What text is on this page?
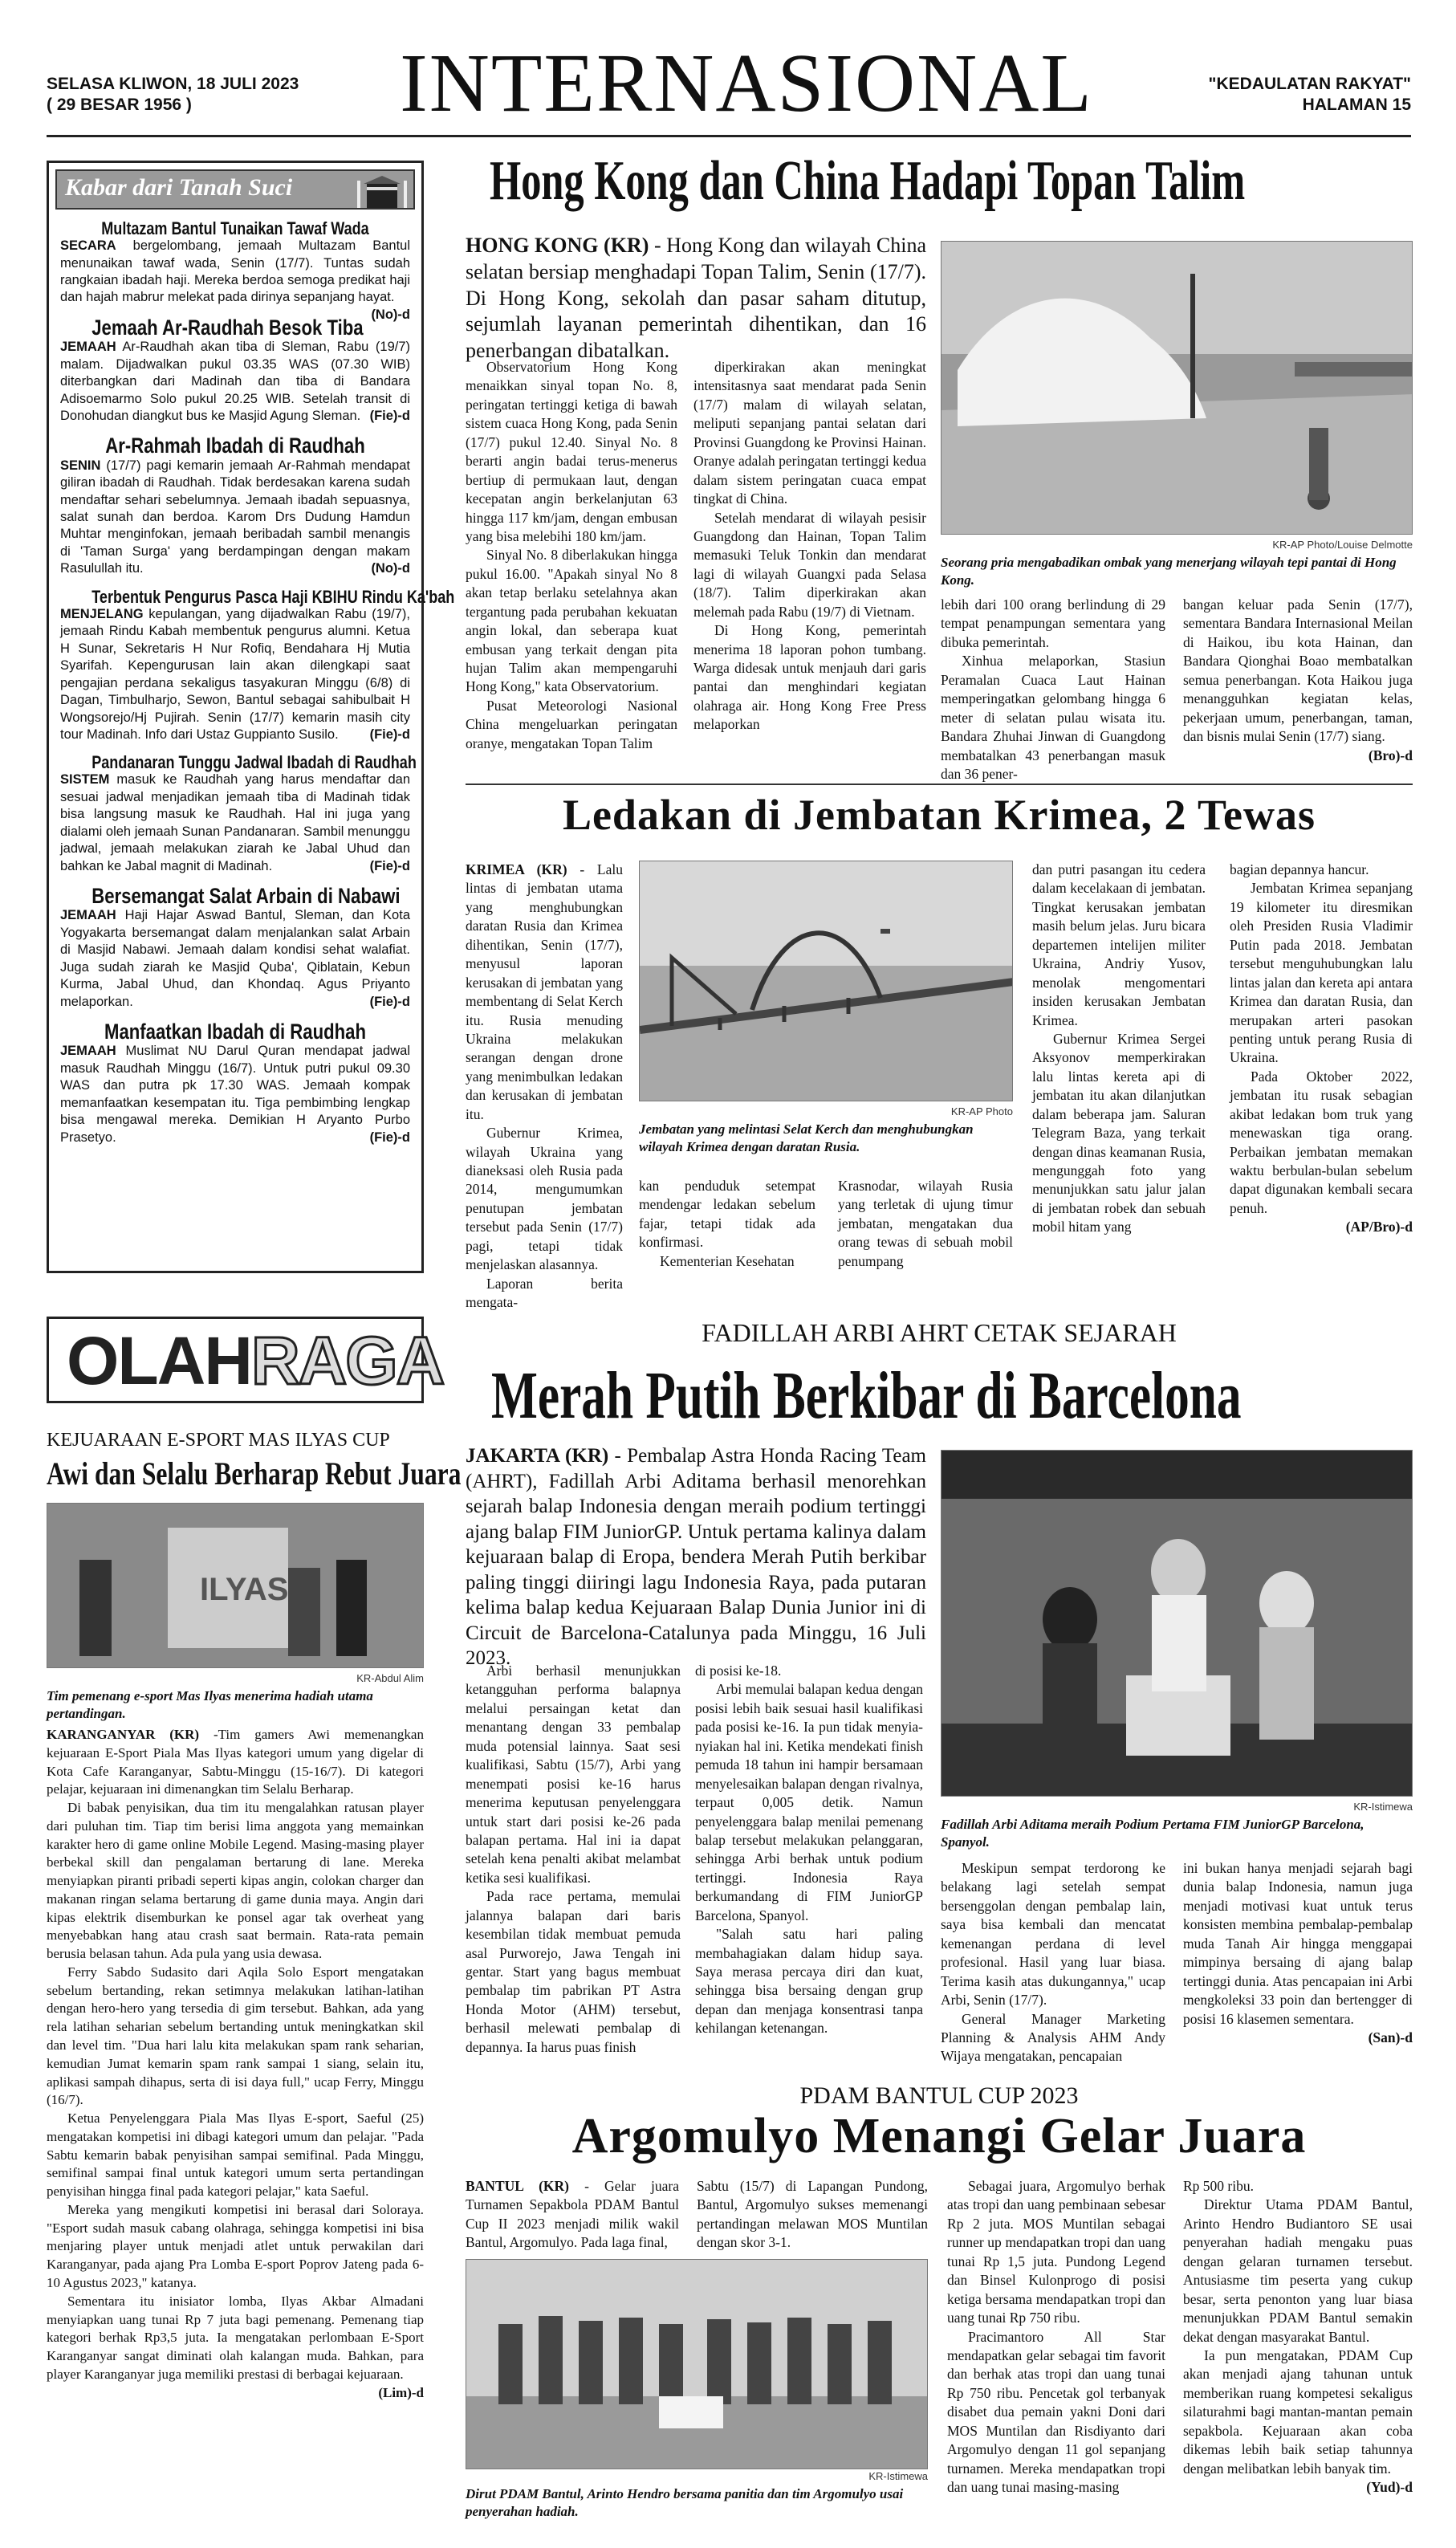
SELASA KLIWON, 18 JULI 2023
( 29 BESAR 1956 )	INTERNASIONAL	"KEDAULATAN RAKYAT"
HALAMAN 15
Kabar dari Tanah Suci
Multazam Bantul Tunaikan Tawaf Wada
SECARA bergelombang, jemaah Multazam Bantul menunaikan tawaf wada, Senin (17/7). Tuntas sudah rangkaian ibadah haji. Mereka berdoa semoga predikat haji dan hajah mabrur melekat pada dirinya sepanjang hayat.
(No)-d
Jemaah Ar-Raudhah Besok Tiba
JEMAAH Ar-Raudhah akan tiba di Sleman, Rabu (19/7) malam. Dijadwalkan pukul 03.35 WAS (07.30 WIB) diterbangkan dari Madinah dan tiba di Bandara Adisoemarmo Solo pukul 20.25 WIB. Setelah transit di Donohudan diangkut bus ke Masjid Agung Sleman. (Fie)-d
Ar-Rahmah Ibadah di Raudhah
SENIN (17/7) pagi kemarin jemaah Ar-Rahmah mendapat giliran ibadah di Raudhah. Tidak berdesakan karena sudah mendaftar sehari sebelumnya. Jemaah ibadah sepuasnya, salat sunah dan berdoa. Karom Drs Dudung Hamdun Muhtar menginfokan, jemaah beribadah sambil menangis di 'Taman Surga' yang berdampingan dengan makam Rasulullah itu.	(No)-d
Terbentuk Pengurus Pasca Haji KBIHU Rindu Ka'bah
MENJELANG kepulangan, yang dijadwalkan Rabu (19/7), jemaah Rindu Kabah membentuk pengurus alumni. Ketua H Sunar, Sekretaris H Nur Rofiq, Bendahara Hj Mutia Syarifah. Kepengurusan lain akan dilengkapi saat pengajian perdana sekaligus tasyakuran Minggu (6/8) di Dagan, Timbulharjo, Sewon, Bantul sebagai sahibulbait H Wongsorejo/Hj Pujirah. Senin (17/7) kemarin masih city tour Madinah. Info dari Ustaz Guppianto Susilo. (Fie)-d
Pandanaran Tunggu Jadwal Ibadah di Raudhah
SISTEM masuk ke Raudhah yang harus mendaftar dan sesuai jadwal menjadikan jemaah tiba di Madinah tidak bisa langsung masuk ke Raudhah. Hal ini juga yang dialami oleh jemaah Sunan Pandanaran. Sambil menunggu jadwal, jemaah melakukan ziarah ke Jabal Uhud dan bahkan ke Jabal magnit di Madinah.	(Fie)-d
Bersemangat Salat Arbain di Nabawi
JEMAAH Haji Hajar Aswad Bantul, Sleman, dan Kota Yogyakarta bersemangat dalam menjalankan salat Arbain di Masjid Nabawi. Jemaah dalam kondisi sehat walafiat. Juga sudah ziarah ke Masjid Quba', Qiblatain, Kebun Kurma, Jabal Uhud, dan Khondaq. Agus Priyanto melaporkan.	(Fie)-d
Manfaatkan Ibadah di Raudhah
JEMAAH Muslimat NU Darul Quran mendapat jadwal masuk Raudhah Minggu (16/7). Untuk putri pukul 09.30 WAS dan putra pk 17.30 WAS. Jemaah kompak memanfaatkan kesempatan itu. Tiga pembimbing lengkap bisa mengawal mereka. Demikian H Aryanto Purbo Prasetyo.	(Fie)-d
Hong Kong dan China Hadapi Topan Talim
HONG KONG (KR) - Hong Kong dan wilayah China selatan bersiap menghadapi Topan Talim, Senin (17/7). Di Hong Kong, sekolah dan pasar saham ditutup, sejumlah layanan pemerintah dihentikan, dan 16 penerbangan dibatalkan.

Observatorium Hong Kong menaikkan sinyal topan No. 8, peringatan tertinggi ketiga di bawah sistem cuaca Hong Kong, pada Senin (17/7) pukul 12.40. Sinyal No. 8 berarti angin badai terus-menerus bertiup di permukaan laut, dengan kecepatan angin berkelanjutan 63 hingga 117 km/jam, dengan embusan yang bisa melebihi 180 km/jam.

Sinyal No. 8 diberlakukan hingga pukul 16.00. "Apakah sinyal No 8 akan tetap berlaku setelahnya akan tergantung pada perubahan kekuatan angin lokal, dan seberapa kuat embusan yang terkait dengan pita hujan Talim akan mempengaruhi Hong Kong," kata Observatorium.

Pusat Meteorologi Nasional China mengeluarkan peringatan oranye, mengatakan Topan Talim

diperkirakan akan meningkat intensitasnya saat mendarat pada Senin (17/7) malam di wilayah selatan, meliputi sepanjang pantai selatan dari Provinsi Guangdong ke Provinsi Hainan. Oranye adalah peringatan tertinggi kedua dalam sistem peringatan cuaca empat tingkat di China.

Setelah mendarat di wilayah pesisir Guangdong dan Hainan, Topan Talim memasuki Teluk Tonkin dan mendarat lagi di wilayah Guangxi pada Selasa (18/7). Talim diperkirakan akan melemah pada Rabu (19/7) di Vietnam.

Di Hong Kong, pemerintah menerima 18 laporan pohon tumbang. Warga didesak untuk menjauh dari garis pantai dan menghindari kegiatan olahraga air. Hong Kong Free Press melaporkan

KR-AP Photo/Louise Delmotte
Seorang pria mengabadikan ombak yang menerjang wilayah tepi pantai di Hong Kong.

lebih dari 100 orang berlindung di 29 tempat penampungan sementara yang dibuka pemerintah.

Xinhua melaporkan, Stasiun Peramalan Cuaca Laut Hainan memperingatkan gelombang hingga 6 meter di selatan pulau wisata itu. Bandara Zhuhai Jinwan di Guangdong membatalkan 43 penerbangan masuk dan 36 pener-

bangan keluar pada Senin (17/7), sementara Bandara Internasional Meilan di Haikou, ibu kota Hainan, dan Bandara Qionghai Boao membatalkan semua penerbangan. Kota Haikou juga menangguhkan kegiatan kelas, pekerjaan umum, penerbangan, taman, dan bisnis mulai Senin (17/7) siang.

(Bro)-d
Ledakan di Jembatan Krimea, 2 Tewas

KRIMEA (KR) - Lalu lintas di jembatan utama yang menghubungkan daratan Rusia dan Krimea dihentikan, Senin (17/7), menyusul laporan kerusakan di jembatan yang membentang di Selat Kerch itu. Rusia menuding Ukraina melakukan serangan dengan drone yang menimbulkan ledakan dan kerusakan di jembatan itu.

Gubernur Krimea, wilayah Ukraina yang dianeksasi oleh Rusia pada 2014, mengumumkan penutupan jembatan tersebut pada Senin (17/7) pagi, tetapi tidak menjelaskan alasannya.

Laporan berita mengata-

KR-AP Photo
Jembatan yang melintasi Selat Kerch dan menghubungkan wilayah Krimea dengan daratan Rusia.

kan penduduk setempat mendengar ledakan sebelum fajar, tetapi tidak ada konfirmasi.

Kementerian Kesehatan

Krasnodar, wilayah Rusia yang terletak di ujung timur jembatan, mengatakan dua orang tewas di sebuah mobil penumpang

dan putri pasangan itu cedera dalam kecelakaan di jembatan. Tingkat kerusakan jembatan masih belum jelas. Juru bicara departemen intelijen militer Ukraina, Andriy Yusov, menolak mengomentari insiden kerusakan Jembatan Krimea.

Gubernur Krimea Sergei Aksyonov memperkirakan lalu lintas kereta api di jembatan itu akan dilanjutkan dalam beberapa jam. Saluran Telegram Baza, yang terkait dengan dinas keamanan Rusia, mengunggah foto yang menunjukkan satu jalur jalan di jembatan robek dan sebuah mobil hitam yang

bagian depannya hancur.

Jembatan Krimea sepanjang 19 kilometer itu diresmikan oleh Presiden Rusia Vladimir Putin pada 2018. Jembatan tersebut menguhubungkan lalu lintas jalan dan kereta api antara Krimea dan daratan Rusia, dan merupakan arteri pasokan penting untuk perang Rusia di Ukraina.

Pada Oktober 2022, jembatan itu rusak sebagian akibat ledakan bom truk yang menewaskan tiga orang. Perbaikan jembatan memakan waktu berbulan-bulan sebelum dapat digunakan kembali secara penuh.

(AP/Bro)-d
OLAHRAGA
KEJUARAAN E-SPORT MAS ILYAS CUP
Awi dan Selalu Berharap Rebut Juara
ILYAS
KR-Abdul Alim
Tim pemenang e-sport Mas Ilyas menerima hadiah utama pertandingan.

KARANGANYAR (KR) -Tim gamers Awi memenangkan kejuaraan E-Sport Piala Mas Ilyas kategori umum yang digelar di Kota Cafe Karanganyar, Sabtu-Minggu (15-16/7). Di kategori pelajar, kejuaraan ini dimenangkan tim Selalu Berharap.

Di babak penyisikan, dua tim itu mengalahkan ratusan player dari puluhan tim. Tiap tim berisi lima anggota yang memainkan karakter hero di game online Mobile Legend. Masing-masing player berbekal skill dan pengalaman bertarung di lane. Mereka menyiapkan piranti pribadi seperti kipas angin, colokan charger dan makanan ringan selama bertarung di game dunia maya. Angin dari kipas elektrik disemburkan ke ponsel agar tak overheat yang menyebabkan hang atau crash saat bermain. Rata-rata pemain berusia belasan tahun. Ada pula yang usia dewasa.

Ferry Sabdo Sudasito dari Aqila Solo Esport mengatakan sebelum bertanding, rekan setimnya melakukan latihan-latihan dengan hero-hero yang tersedia di gim tersebut. Bahkan, ada yang rela latihan seharian sebelum bertanding untuk meningkatkan skil dan level tim. "Dua hari lalu kita melakukan spam rank seharian, kemudian Jumat kemarin spam rank sampai 1 siang, selain itu, aplikasi sampah dihapus, serta di isi daya full," ucap Ferry, Minggu (16/7).

Ketua Penyelenggara Piala Mas Ilyas E-sport, Saeful (25) mengatakan kompetisi ini dibagi kategori umum dan pelajar. "Pada Sabtu kemarin babak penyisihan sampai semifinal. Pada Minggu, semifinal sampai final untuk kategori umum serta pertandingan penyisihan hingga final pada kategori pelajar," kata Saeful.

Mereka yang mengikuti kompetisi ini berasal dari Soloraya. "Esport sudah masuk cabang olahraga, sehingga kompetisi ini bisa menjaring player untuk menjadi atlet untuk perwakilan dari Karanganyar, pada ajang Pra Lomba E-sport Poprov Jateng pada 6-10 Agustus 2023," katanya.

Sementara itu inisiator lomba, Ilyas Akbar Almadani menyiapkan uang tunai Rp 7 juta bagi pemenang. Pemenang tiap kategori berhak Rp3,5 juta. Ia mengatakan perlombaan E-Sport Karanganyar sangat diminati olah kalangan muda. Bahkan, para player Karanganyar juga memiliki prestasi di berbagai kejuaraan.

(Lim)-d
FADILLAH ARBI AHRT CETAK SEJARAH
Merah Putih Berkibar di Barcelona
JAKARTA (KR) - Pembalap Astra Honda Racing Team (AHRT), Fadillah Arbi Aditama berhasil menorehkan sejarah balap Indonesia dengan meraih podium tertinggi ajang balap FIM JuniorGP. Untuk pertama kalinya dalam kejuaraan balap di Eropa, bendera Merah Putih berkibar paling tinggi diiringi lagu Indonesia Raya, pada putaran kelima balap kedua Kejuaraan Balap Dunia Junior ini di Circuit de Barcelona-Catalunya pada Minggu, 16 Juli 2023.

Arbi berhasil menunjukkan ketangguhan performa balapnya melalui persaingan ketat dan menantang dengan 33 pembalap muda potensial lainnya. Saat sesi kualifikasi, Sabtu (15/7), Arbi yang menempati posisi ke-16 harus menerima keputusan penyelenggara untuk start dari posisi ke-26 pada balapan pertama. Hal ini ia dapat setelah kena penalti akibat melambat ketika sesi kualifikasi.

Pada race pertama, memulai jalannya balapan dari baris kesembilan tidak membuat pemuda asal Purworejo, Jawa Tengah ini gentar. Start yang bagus membuat pembalap tim pabrikan PT Astra Honda Motor (AHM) tersebut, berhasil melewati pembalap di depannya. Ia harus puas finish

di posisi ke-18.

Arbi memulai balapan kedua dengan posisi lebih baik sesuai hasil kualifikasi pada posisi ke-16. Ia pun tidak menyia-nyiakan hal ini. Ketika mendekati finish pemuda 18 tahun ini hampir bersamaan menyelesaikan balapan dengan rivalnya, terpaut 0,005 detik. Namun penyelenggara balap menilai pemenang balap tersebut melakukan pelanggaran, sehingga Arbi berhak untuk podium tertinggi. Indonesia Raya berkumandang di FIM JuniorGP Barcelona, Spanyol.

"Salah satu hari paling membahagiakan dalam hidup saya. Saya merasa percaya diri dan kuat, sehingga bisa bersaing dengan grup depan dan menjaga konsentrasi tanpa kehilangan ketenangan.

KR-Istimewa
Fadillah Arbi Aditama meraih Podium Pertama FIM JuniorGP Barcelona, Spanyol.

Meskipun sempat terdorong ke belakang lagi setelah sempat bersenggolan dengan pembalap lain, saya bisa kembali dan mencatat kemenangan perdana di level profesional. Hasil yang luar biasa. Terima kasih atas dukungannya," ucap Arbi, Senin (17/7).

General Manager Marketing Planning & Analysis AHM Andy Wijaya mengatakan, pencapaian

ini bukan hanya menjadi sejarah bagi dunia balap Indonesia, namun juga menjadi motivasi kuat untuk terus konsisten membina pembalap-pembalap muda Tanah Air hingga menggapai mimpinya bersaing di ajang balap tertinggi dunia. Atas pencapaian ini Arbi mengkoleksi 33 poin dan bertengger di posisi 16 klasemen sementara.

(San)-d
PDAM BANTUL CUP 2023
Argomulyo Menangi Gelar Juara

BANTUL (KR) - Gelar juara Turnamen Sepakbola PDAM Bantul Cup II 2023 menjadi milik wakil Bantul, Argomulyo. Pada laga final,

Sabtu (15/7) di Lapangan Pundong, Bantul, Argomulyo sukses memenangi pertandingan melawan MOS Muntilan dengan skor 3-1.

KR-Istimewa
Dirut PDAM Bantul, Arinto Hendro bersama panitia dan tim Argomulyo usai penyerahan hadiah.

Sebagai juara, Argomulyo berhak atas tropi dan uang pembinaan sebesar Rp 2 juta. MOS Muntilan sebagai runner up mendapatkan tropi dan uang tunai Rp 1,5 juta. Pundong Legend dan Binsel Kulonprogo di posisi ketiga bersama mendapatkan tropi dan uang tunai Rp 750 ribu.

Pracimantoro All Star mendapatkan gelar sebagai tim favorit dan berhak atas tropi dan uang tunai Rp 750 ribu. Pencetak gol terbanyak disabet dua pemain yakni Doni dari MOS Muntilan dan Risdiyanto dari Argomulyo dengan 11 gol sepanjang turnamen. Mereka mendapatkan tropi dan uang tunai masing-masing

Rp 500 ribu.

Direktur Utama PDAM Bantul, Arinto Hendro Budiantoro SE usai penyerahan hadiah mengaku puas dengan gelaran turnamen tersebut. Antusiasme tim peserta yang cukup besar, serta penonton yang luar biasa menunjukkan PDAM Bantul semakin dekat dengan masyarakat Bantul.

Ia pun mengatakan, PDAM Cup akan menjadi ajang tahunan untuk memberikan ruang kompetesi sekaligus silaturahmi bagi mantan-mantan pemain sepakbola. Kejuaraan akan coba dikemas lebih baik setiap tahunnya dengan melibatkan lebih banyak tim.

(Yud)-d
